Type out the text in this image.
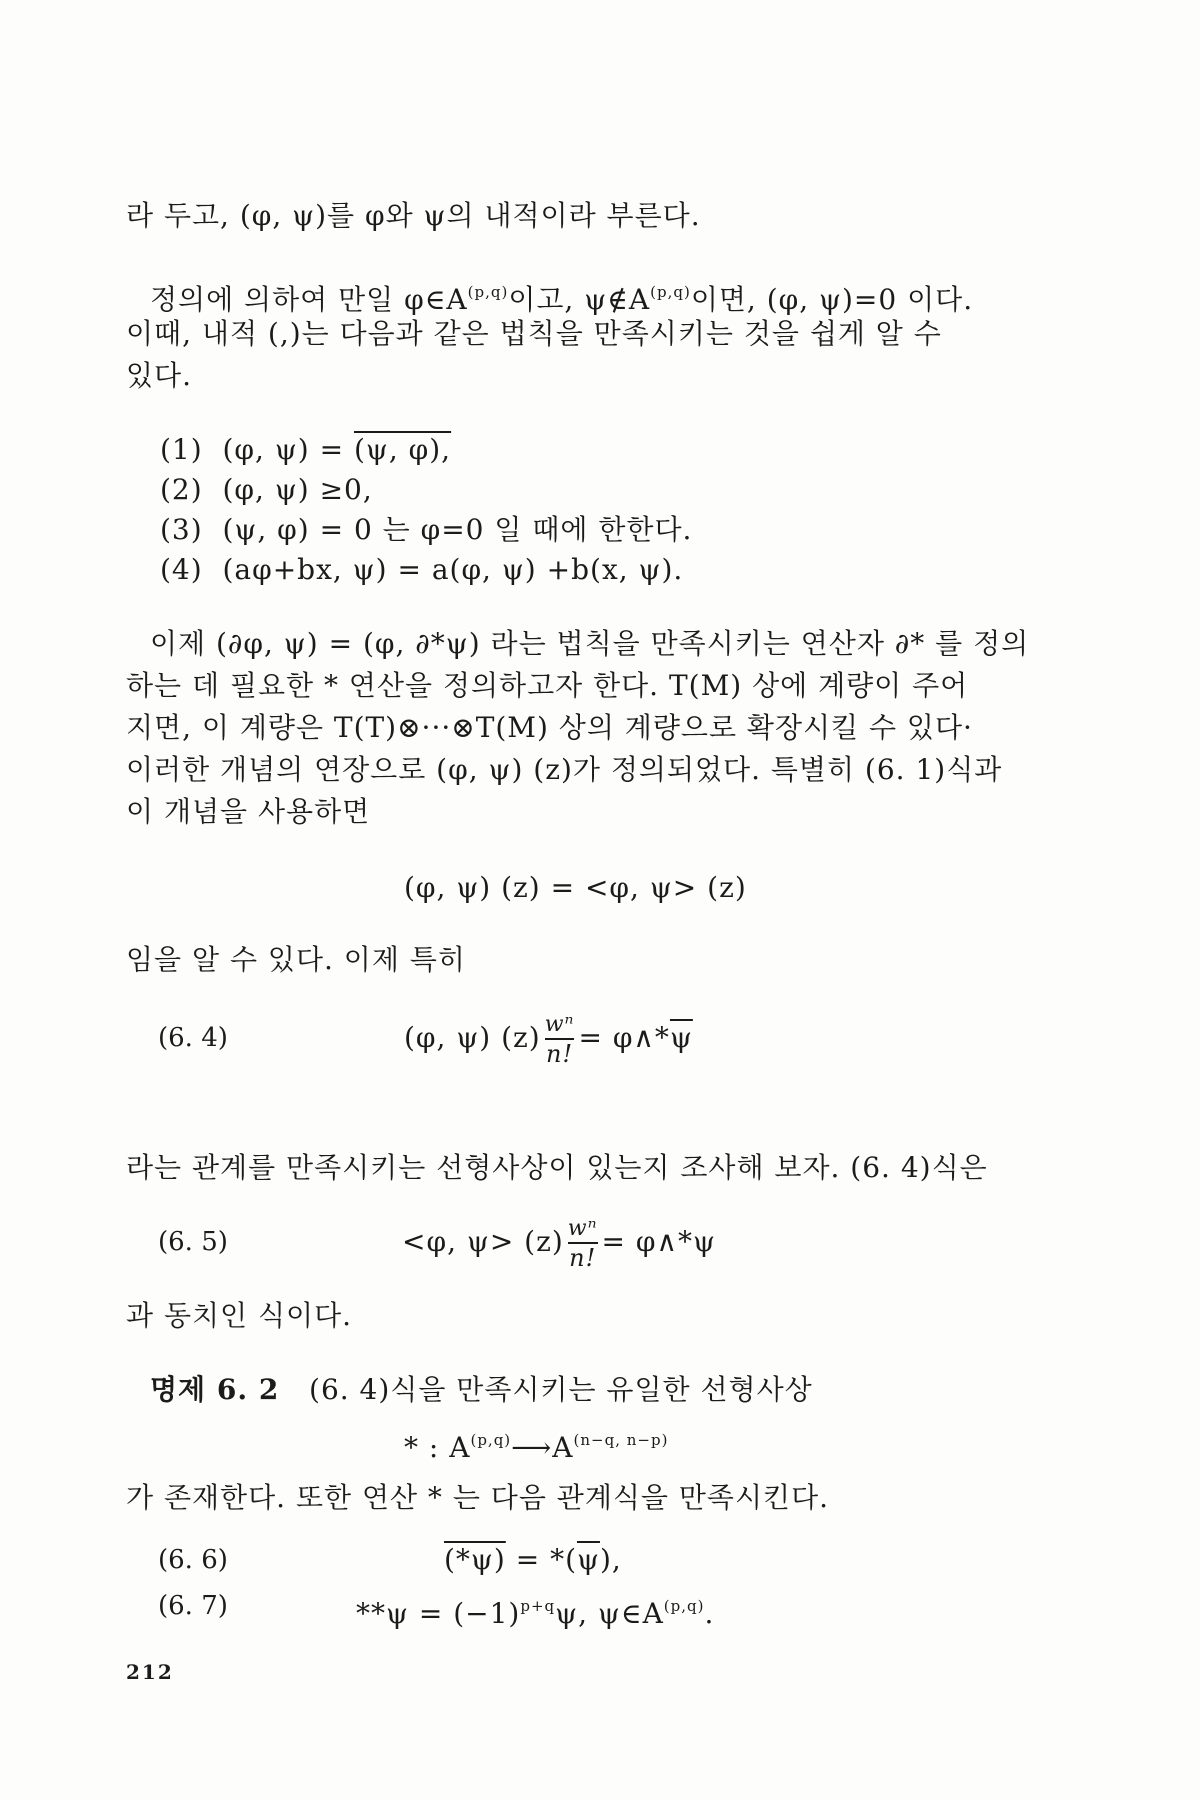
라 두고, (φ, ψ)를 φ와 ψ의 내적이라 부른다.
정의에 의하여 만일 $\varphi\in A^{(p,q)}$이고, $\psi\notin A^{(p,q)}$이면, (φ, ψ)=0 이다.
이때, 내적 (,)는 다음과 같은 법칙을 만족시키는 것을 쉽게 알 수
있다.
(1) (φ, ψ) = (ψ, φ),
(2) (φ, ψ) ≥0,
(3) (ψ, φ) = 0 는 φ=0 일 때에 한한다.
(4) (aφ+bx, ψ) = a(φ, ψ) +b(x, ψ).
이제 (∂φ, ψ) = (φ, ∂*ψ) 라는 법칙을 만족시키는 연산자 ∂* 를 정의
하는 데 필요한 * 연산을 정의하고자 한다. T(M) 상에 계량이 주어
지면, 이 계량은 T(T)⊗···⊗T(M) 상의 계량으로 확장시킬 수 있다·
이러한 개념의 연장으로 (φ, ψ) (z)가 정의되었다. 특별히 (6. 1)식과
이 개념을 사용하면
(φ, ψ) (z) = <φ, ψ> (z)
임을 알 수 있다. 이제 특히
(6. 4)	(φ, ψ) $(z) \frac{\text{wⁿ}}{n!}$ = $\varphi\wedge*\overline{\psi}$
라는 관계를 만족시키는 선형사상이 있는지 조사해 보자. (6. 4)식은
(6. 5)	<φ, $\psi> (z) \frac{\text{wⁿ}}{n!}$ = φ∧*ψ
과 동치인 식이다.
명제 6. 2 (6. 4)식을 만족시키는 유일한 선형사상
* : $A^{(p,q)}⟶A^{(n-q, n-p)}$
가 존재한다. 또한 연산 * 는 다음 관계식을 만족시킨다.
(6. 6)	$(*\psi) = *(\overline{\psi})$,
(6. 7)	$**\psi = (-1)^{p+q}\psi$, $\psi\in A^{(p,q)}$.
212
